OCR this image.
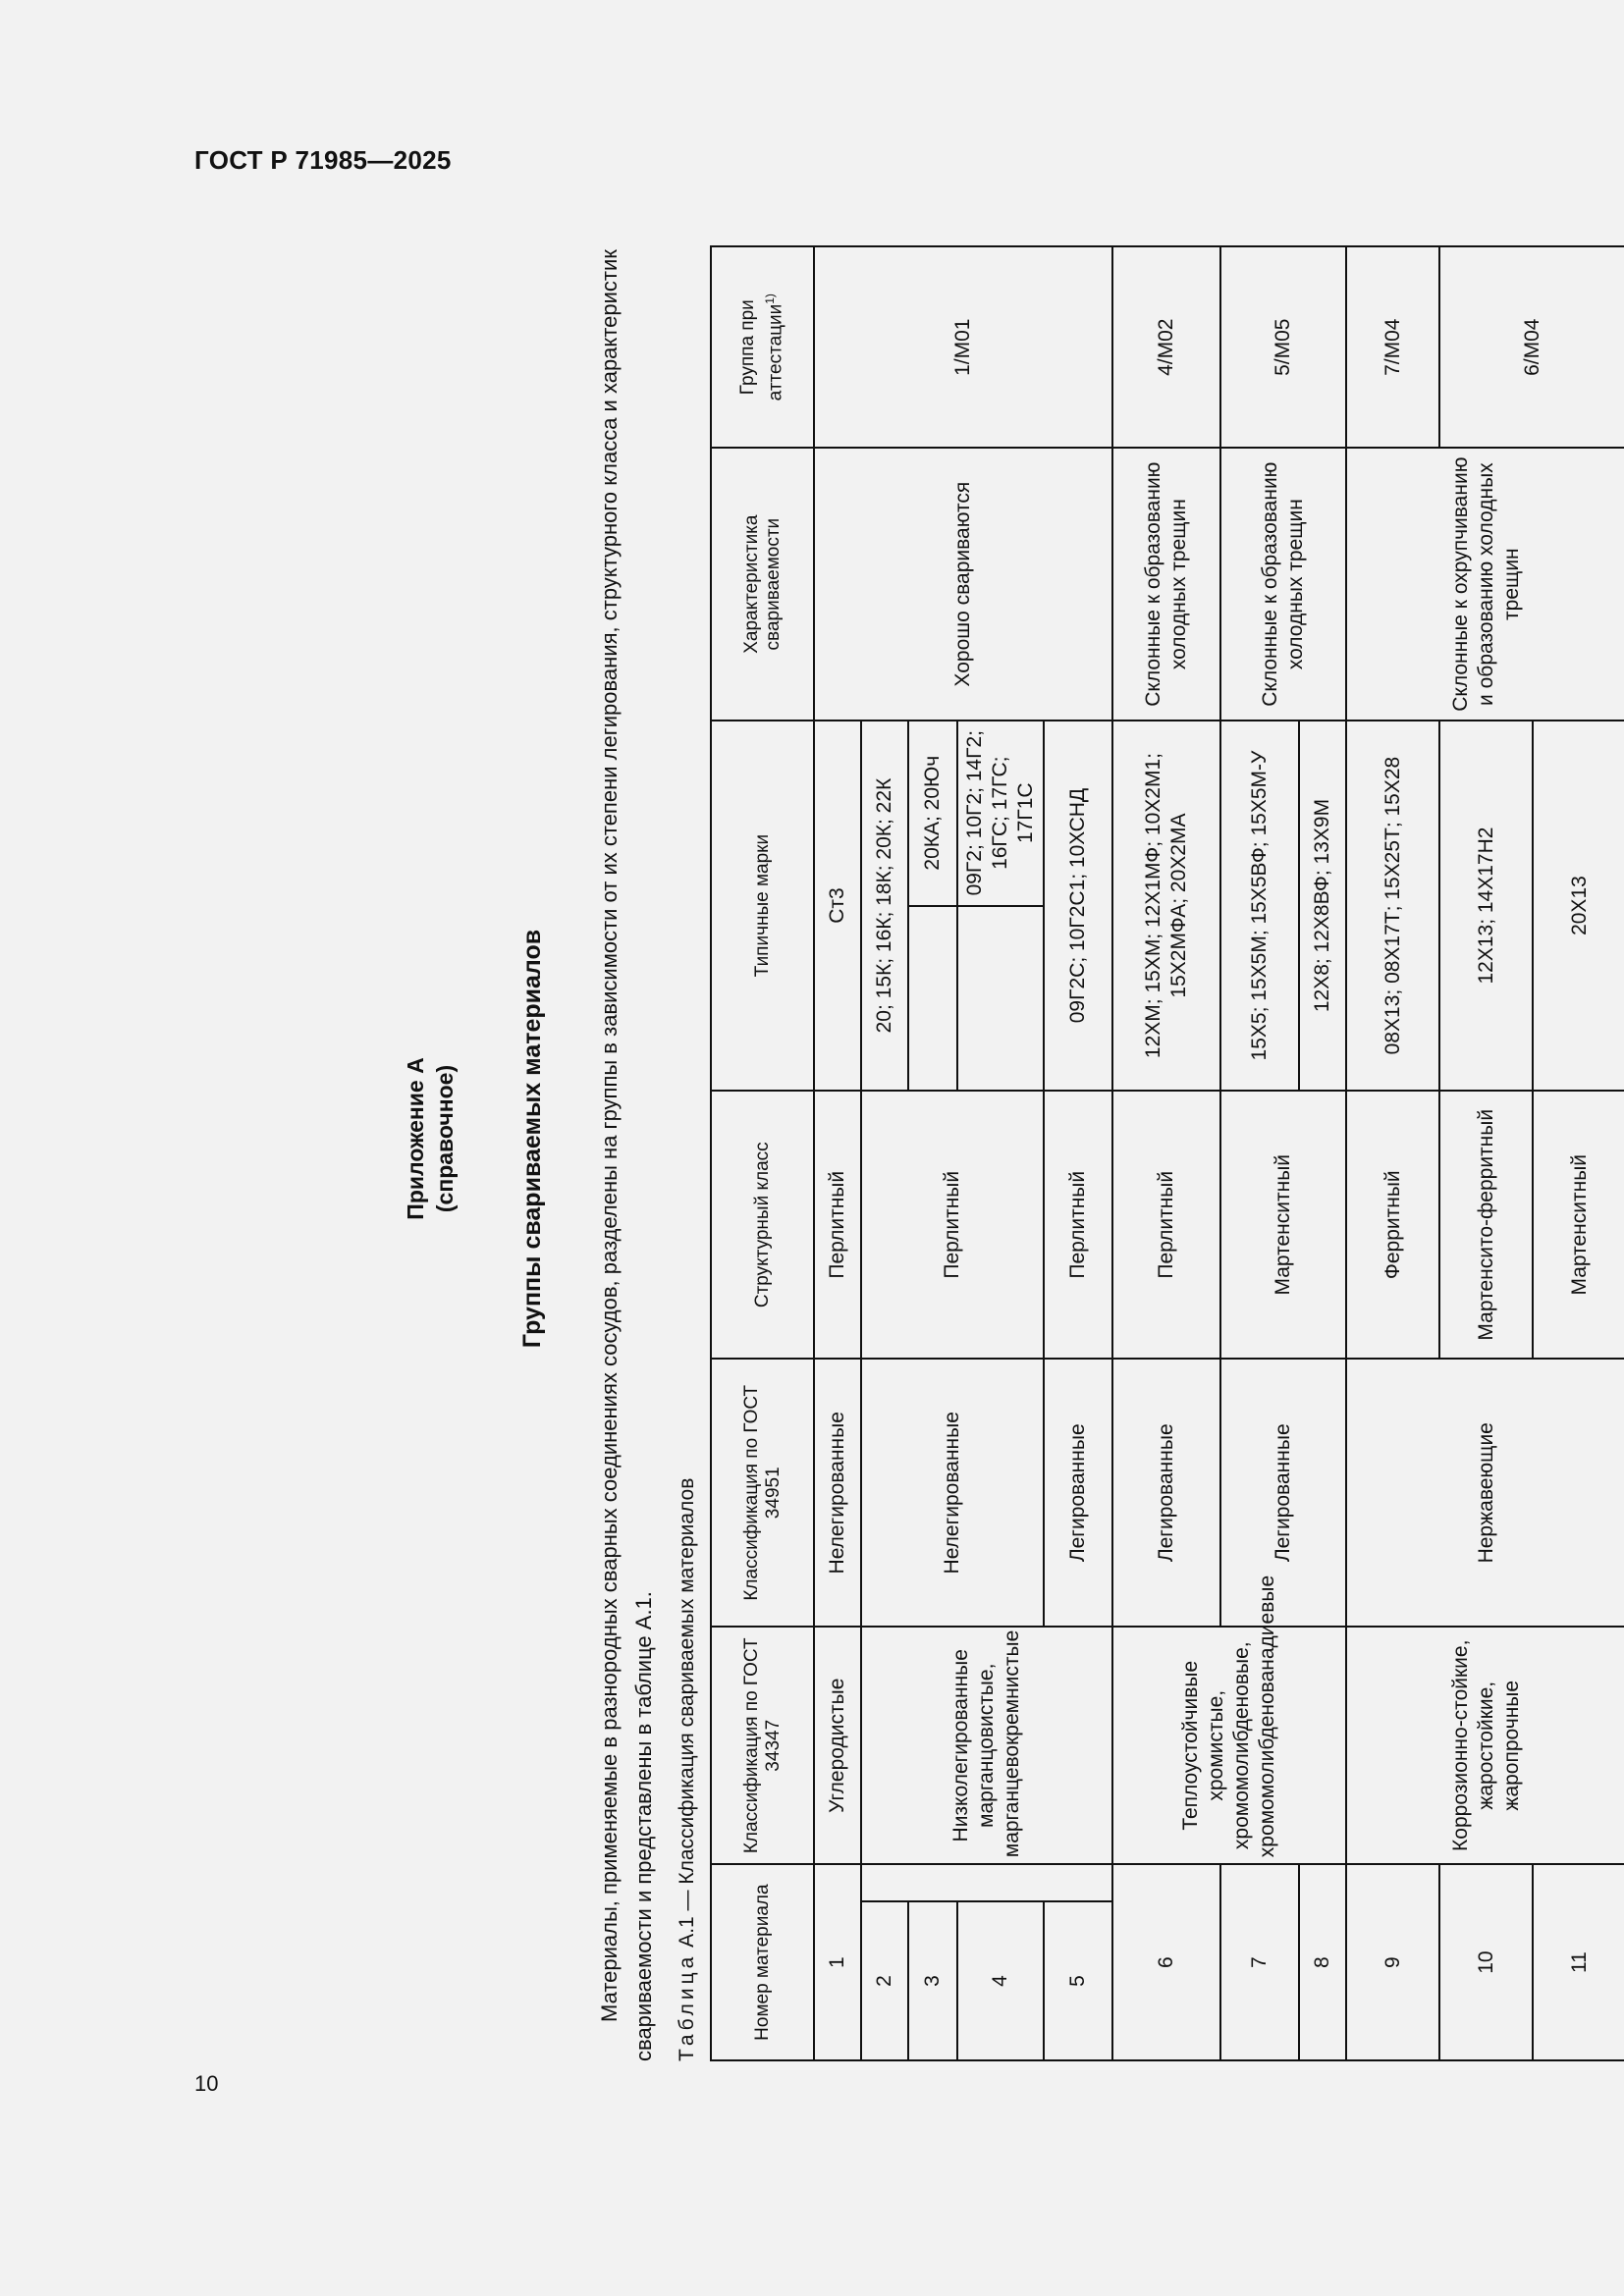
ГОСТ Р 71985—2025
10
Приложение А (справочное) Группы свариваемых материалов Материалы, применяемые в разнородных сварных соединениях сосудов, разделены на группы в зависимости от их степени легирования, структурного класса и характеристик свариваемости и представлены в таблице А.1. Таблица А.1 — Классификация свариваемых материалов
Номер материала		Классификация по ГОСТ 34347	Классификация по ГОСТ 34951	Структурный класс	Типичные марки		Характеристика свариваемости	Группа при аттестации$^{1)}$
1		Углеродистые	Нелегированные	Перлитный	Ст3		Хорошо свариваются	1/М01
2		Низколегированные марганцовистые, марганцевокремнистые	Нелегированные	Перлитный	20; 15К; 16К; 18К; 20К; 22К			
3						20КА; 20Юч		
4						09Г2; 10Г2; 14Г2; 16ГС; 17ГС; 17Г1С		
5			Легированные	Перлитный	09Г2С; 10Г2С1; 10ХСНД			
6		Теплоустойчивые хромистые, хромомолибденовые, хромомолибденованадиевые	Легированные	Перлитный	12ХМ; 15ХМ; 12Х1МФ; 10Х2М1; 15Х2МФА; 20Х2МА		Склонные к образованию холодных трещин	4/М02
7			Легированные	Мартенситный	15Х5; 15Х5М; 15Х5ВФ; 15Х5М-У		Склонные к образованию холодных трещин	5/М05
8					12Х8; 12Х8ВФ; 13Х9М			
9		Коррозионно-стойкие, жаростойкие, жаропрочные	Нержавеющие	Ферритный	08Х13; 08Х17Т; 15Х25Т; 15Х28		Склонные к охрупчиванию и образованию холодных трещин	7/М04
10				Мартенсито-ферритный	12Х13; 14Х17Н2			6/М04
11				Мартенситный	20Х13			
